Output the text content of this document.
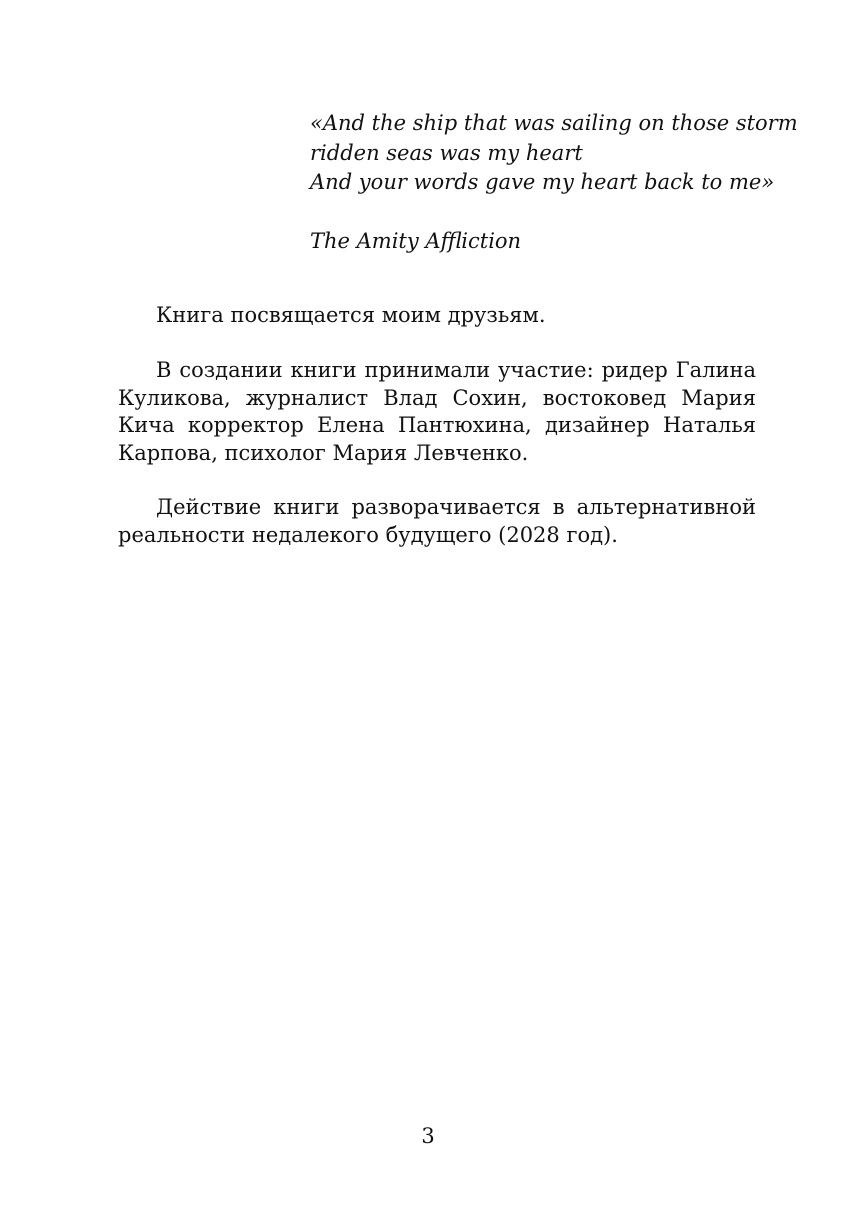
«And the ship that was sailing on those storm
ridden seas was my heart
And your words gave my heart back to me»
The Amity Affliction

Книга посвящается моим друзьям.

В создании книги принимали участие: ридер Галина Куликова, журналист Влад Сохин, востоковед Мария Кича корректор Елена Пантюхина, дизайнер Наталья Карпова, психолог Мария Левченко.

Действие книги разворачивается в альтернативной реальности недалекого будущего (2028 год).

3
